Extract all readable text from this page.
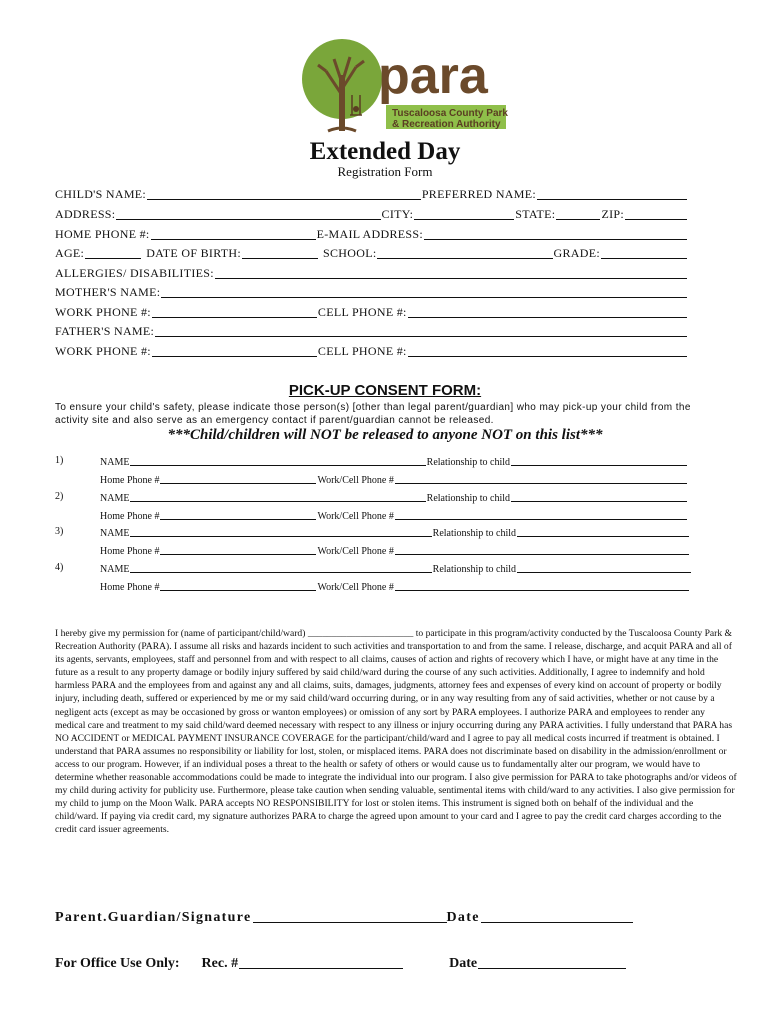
para
Tuscaloosa County Park
& Recreation Authority
Extended Day
Registration Form
CHILD'S NAME:	PREFERRED NAME:
ADDRESS:	CITY:	STATE:	ZIP:
HOME PHONE #:	E-MAIL ADDRESS:
AGE:	DATE OF BIRTH:	SCHOOL:	GRADE:
ALLERGIES/ DISABILITIES:
MOTHER'S NAME:
WORK PHONE #:	CELL PHONE #:
FATHER'S NAME:
WORK PHONE #:	CELL PHONE #:
PICK-UP CONSENT FORM:
To ensure your child's safety, please indicate those person(s) [other than legal parent/guardian] who may pick-up your child from the activity site and also serve as an emergency contact if parent/guardian cannot be released.
***Child/children will NOT be released to anyone NOT on this list***
1)	NAME	Relationship to child
Home Phone #	Work/Cell Phone #
2)	NAME	Relationship to child
Home Phone #	Work/Cell Phone #
3)	NAME	Relationship to child
Home Phone #	Work/Cell Phone #
4)	NAME	Relationship to child
Home Phone #	Work/Cell Phone #
I hereby give my permission for (name of participant/child/ward) ______________________ to participate in this program/activity conducted by the Tuscaloosa County Park & Recreation Authority (PARA). I assume all risks and hazards incident to such activities and transportation to and from the same. I release, discharge, and acquit PARA and all of its agents, servants, employees, staff and personnel from and with respect to all claims, causes of action and rights of recovery which I have, or might have at any time in the future as a result to any property damage or bodily injury suffered by said child/ward during the course of any such activities. Additionally, I agree to indemnify and hold harmless PARA and the employees from and against any and all claims, suits, damages, judgments, attorney fees and expenses of every kind on account of property or bodily injury, including death, suffered or experienced by me or my said child/ward occurring during, or in any way resulting from any of said activities, whether or not cause by a negligent acts (except as may be occasioned by gross or wanton employees) or omission of any sort by PARA employees. I authorize PARA and employees to render any medical care and treatment to my said child/ward deemed necessary with respect to any illness or injury occurring during any PARA activities. I fully understand that PARA has NO ACCIDENT or MEDICAL PAYMENT INSURANCE COVERAGE for the participant/child/ward and I agree to pay all medical costs incurred if treatment is obtained. I understand that PARA assumes no responsibility or liability for lost, stolen, or misplaced items. PARA does not discriminate based on disability in the admission/enrollment or access to our program. However, if an individual poses a threat to the health or safety of others or would cause us to fundamentally alter our program, we would have to determine whether reasonable accommodations could be made to integrate the individual into our program. I also give permission for PARA to take photographs and/or videos of my child during activity for publicity use. Furthermore, please take caution when sending valuable, sentimental items with child/ward to any activities. I also give permission for my child to jump on the Moon Walk. PARA accepts NO RESPONSIBILITY for lost or stolen items. This instrument is signed both on behalf of the individual and the child/ward. If paying via credit card, my signature authorizes PARA to charge the agreed upon amount to your card and I agree to pay the credit card charges according to the credit card issuer agreements.
Parent.Guardian/Signature	Date
For Office Use Only: Rec. #	Date
